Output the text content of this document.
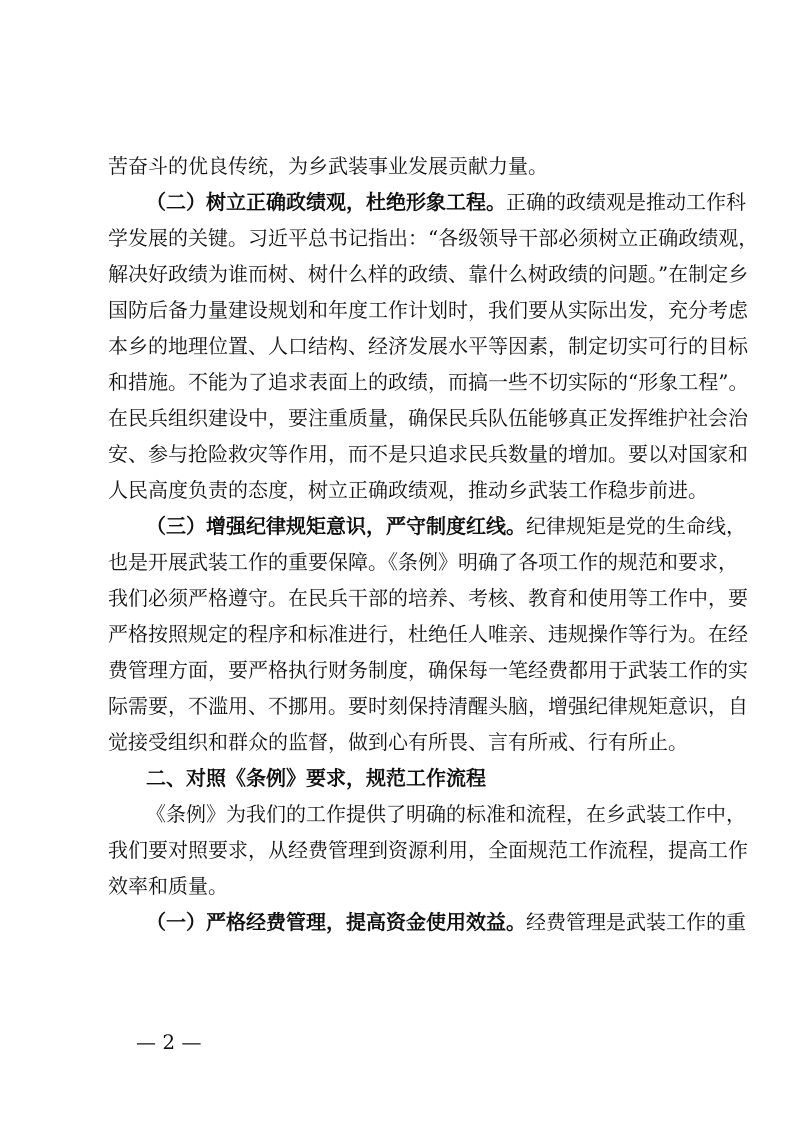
苦奋斗的优良传统，为乡武装事业发展贡献力量。
（二）树立正确政绩观，杜绝形象工程。正确的政绩观是推动工作科
学发展的关键。习近平总书记指出：“各级领导干部必须树立正确政绩观，
解决好政绩为谁而树、树什么样的政绩、靠什么树政绩的问题。”在制定乡
国防后备力量建设规划和年度工作计划时，我们要从实际出发，充分考虑
本乡的地理位置、人口结构、经济发展水平等因素，制定切实可行的目标
和措施。不能为了追求表面上的政绩，而搞一些不切实际的“形象工程”。
在民兵组织建设中，要注重质量，确保民兵队伍能够真正发挥维护社会治
安、参与抢险救灾等作用，而不是只追求民兵数量的增加。要以对国家和
人民高度负责的态度，树立正确政绩观，推动乡武装工作稳步前进。
（三）增强纪律规矩意识，严守制度红线。纪律规矩是党的生命线，
也是开展武装工作的重要保障。《条例》明确了各项工作的规范和要求，
我们必须严格遵守。在民兵干部的培养、考核、教育和使用等工作中，要
严格按照规定的程序和标准进行，杜绝任人唯亲、违规操作等行为。在经
费管理方面，要严格执行财务制度，确保每一笔经费都用于武装工作的实
际需要，不滥用、不挪用。要时刻保持清醒头脑，增强纪律规矩意识，自
觉接受组织和群众的监督，做到心有所畏、言有所戒、行有所止。
二、对照《条例》要求，规范工作流程
《条例》为我们的工作提供了明确的标准和流程，在乡武装工作中，
我们要对照要求，从经费管理到资源利用，全面规范工作流程，提高工作
效率和质量。
（一）严格经费管理，提高资金使用效益。经费管理是武装工作的重
— 2 —
